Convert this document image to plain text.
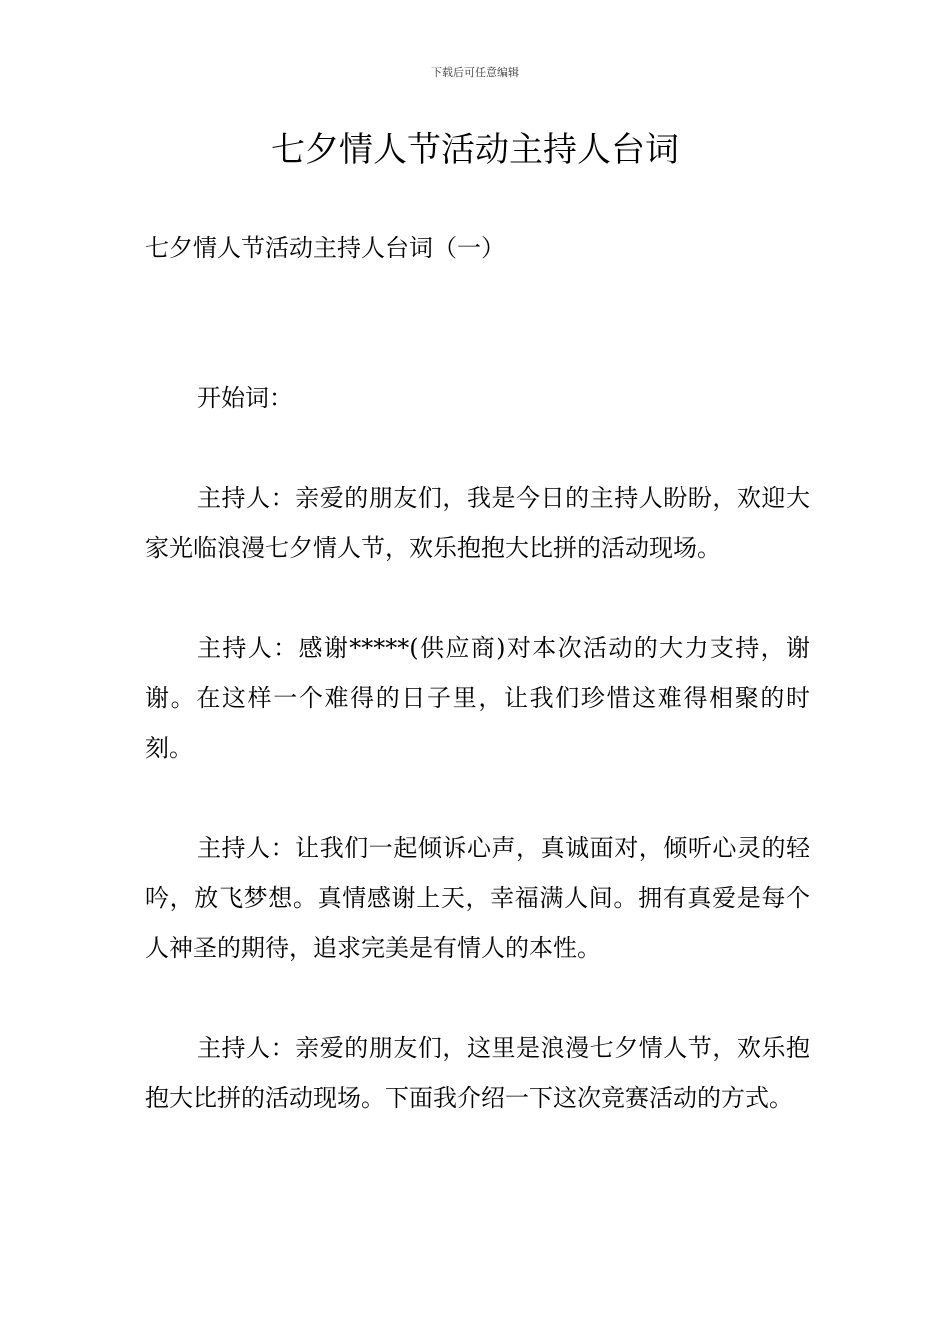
下载后可任意编辑
七夕情人节活动主持人台词

七夕情人节活动主持人台词（一）

开始词：

主持人：亲爱的朋友们，我是今日的主持人盼盼，欢迎大家光临浪漫七夕情人节，欢乐抱抱大比拼的活动现场。

主持人：感谢*****(供应商)对本次活动的大力支持，谢谢。在这样一个难得的日子里，让我们珍惜这难得相聚的时刻。

主持人：让我们一起倾诉心声，真诚面对，倾听心灵的轻吟，放飞梦想。真情感谢上天，幸福满人间。拥有真爱是每个人神圣的期待，追求完美是有情人的本性。

主持人：亲爱的朋友们，这里是浪漫七夕情人节，欢乐抱抱大比拼的活动现场。下面我介绍一下这次竞赛活动的方式。
